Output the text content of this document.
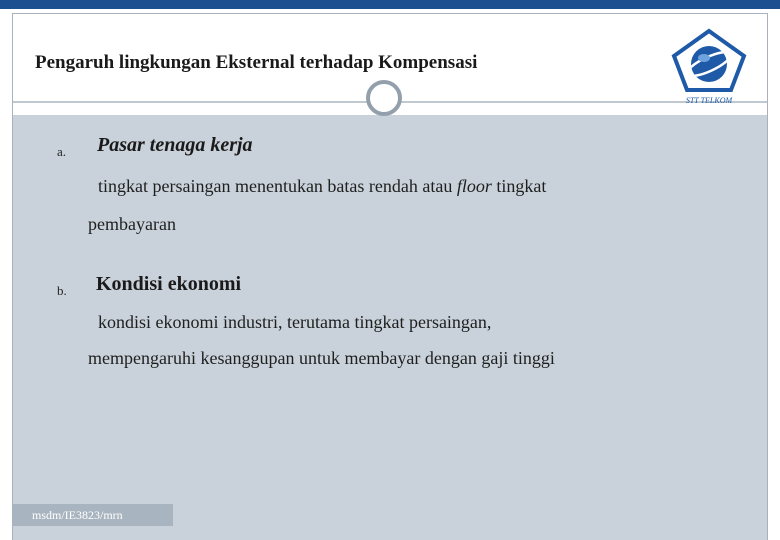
Pengaruh lingkungan Eksternal terhadap Kompensasi
STT TELKOM
a. Pasar tenaga kerja
tingkat persaingan menentukan batas rendah atau floor tingkat
pembayaran
b. Kondisi ekonomi
kondisi ekonomi industri, terutama tingkat persaingan,
mempengaruhi kesanggupan untuk membayar dengan gaji tinggi
msdm/IE3823/mrn
